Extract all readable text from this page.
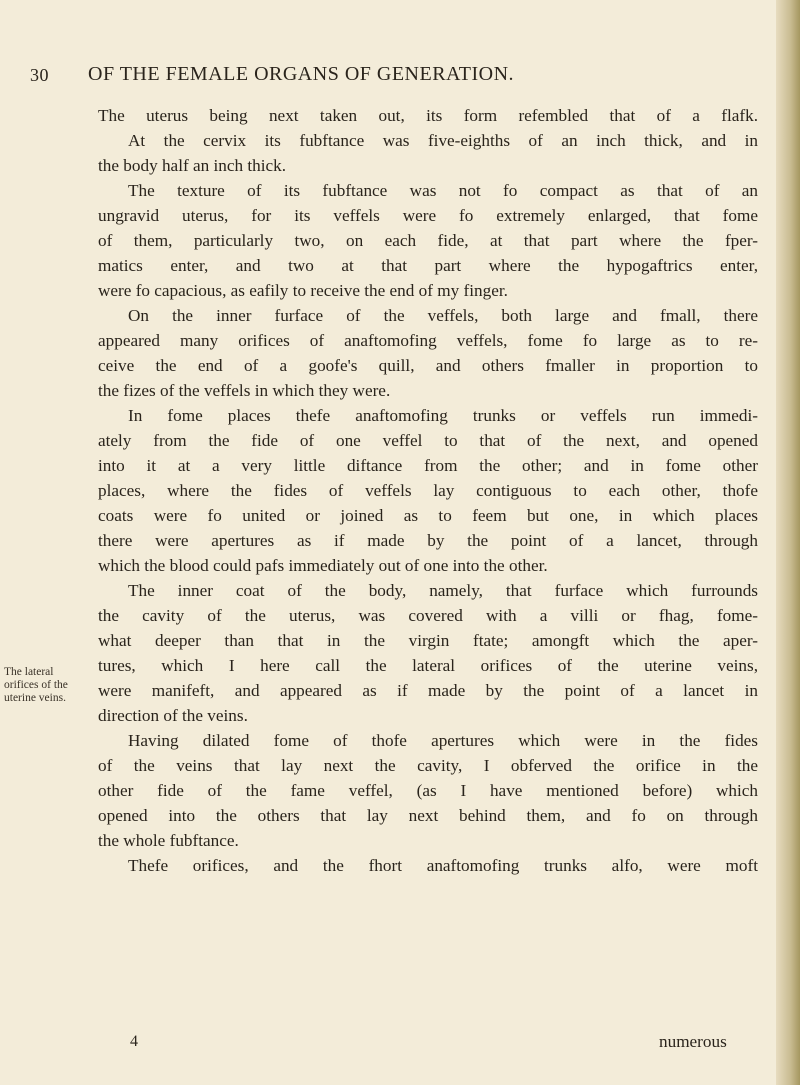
30 OF THE FEMALE ORGANS OF GENERATION.
The lateral
orifices of the
uterine veins.
The uterus being next taken out, its form refembled that of a flafk.
At the cervix its fubftance was five-eighths of an inch thick, and in
the body half an inch thick.
The texture of its fubftance was not fo compact as that of an
ungravid uterus, for its veffels were fo extremely enlarged, that fome
of them, particularly two, on each fide, at that part where the fper-
matics enter, and two at that part where the hypogaftrics enter,
were fo capacious, as eafily to receive the end of my finger.
On the inner furface of the veffels, both large and fmall, there
appeared many orifices of anaftomofing veffels, fome fo large as to re-
ceive the end of a goofe's quill, and others fmaller in proportion to
the fizes of the veffels in which they were.
In fome places thefe anaftomofing trunks or veffels run immedi-
ately from the fide of one veffel to that of the next, and opened
into it at a very little diftance from the other; and in fome other
places, where the fides of veffels lay contiguous to each other, thofe
coats were fo united or joined as to feem but one, in which places
there were apertures as if made by the point of a lancet, through
which the blood could pafs immediately out of one into the other.
The inner coat of the body, namely, that furface which furrounds
the cavity of the uterus, was covered with a villi or fhag, fome-
what deeper than that in the virgin ftate; amongft which the aper-
tures, which I here call the lateral orifices of the uterine veins,
were manifeft, and appeared as if made by the point of a lancet in
direction of the veins.
Having dilated fome of thofe apertures which were in the fides
of the veins that lay next the cavity, I obferved the orifice in the
other fide of the fame veffel, (as I have mentioned before) which
opened into the others that lay next behind them, and fo on through
the whole fubftance.
Thefe orifices, and the fhort anaftomofing trunks alfo, were moft
4	numerous
